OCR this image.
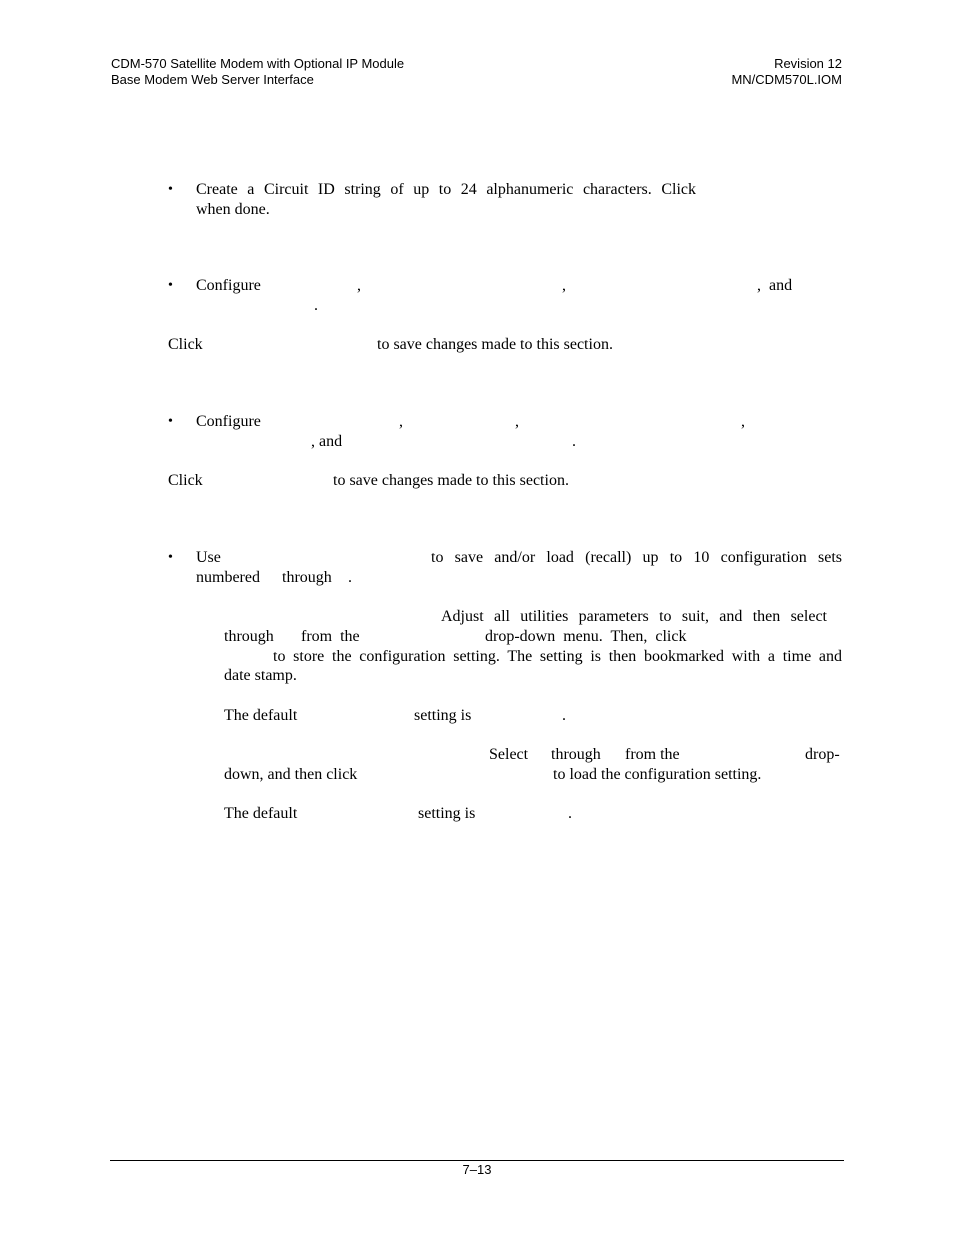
CDM-570 Satellite Modem with Optional IP Module
Base Modem Web Server Interface
Revision 12
MN/CDM570L.IOM
• Create a Circuit ID string of up to 24 alphanumeric characters. Click
when done.
• Configure	,	,	,  and
.
Click	to save changes made to this section.
• Configure	,	,	,
, and	.
Click	to save changes made to this section.
• Use	to save and/or load (recall) up to 10 configuration sets
numbered through .
Adjust all utilities parameters to suit, and then select
through from  the	drop-down  menu.  Then,  click
to store the configuration setting. The setting is then bookmarked with a time and
date stamp.
The default	setting is	.
Select through from the	drop-
down, and then click	to load the configuration setting.
The default	setting is	.
7–13
